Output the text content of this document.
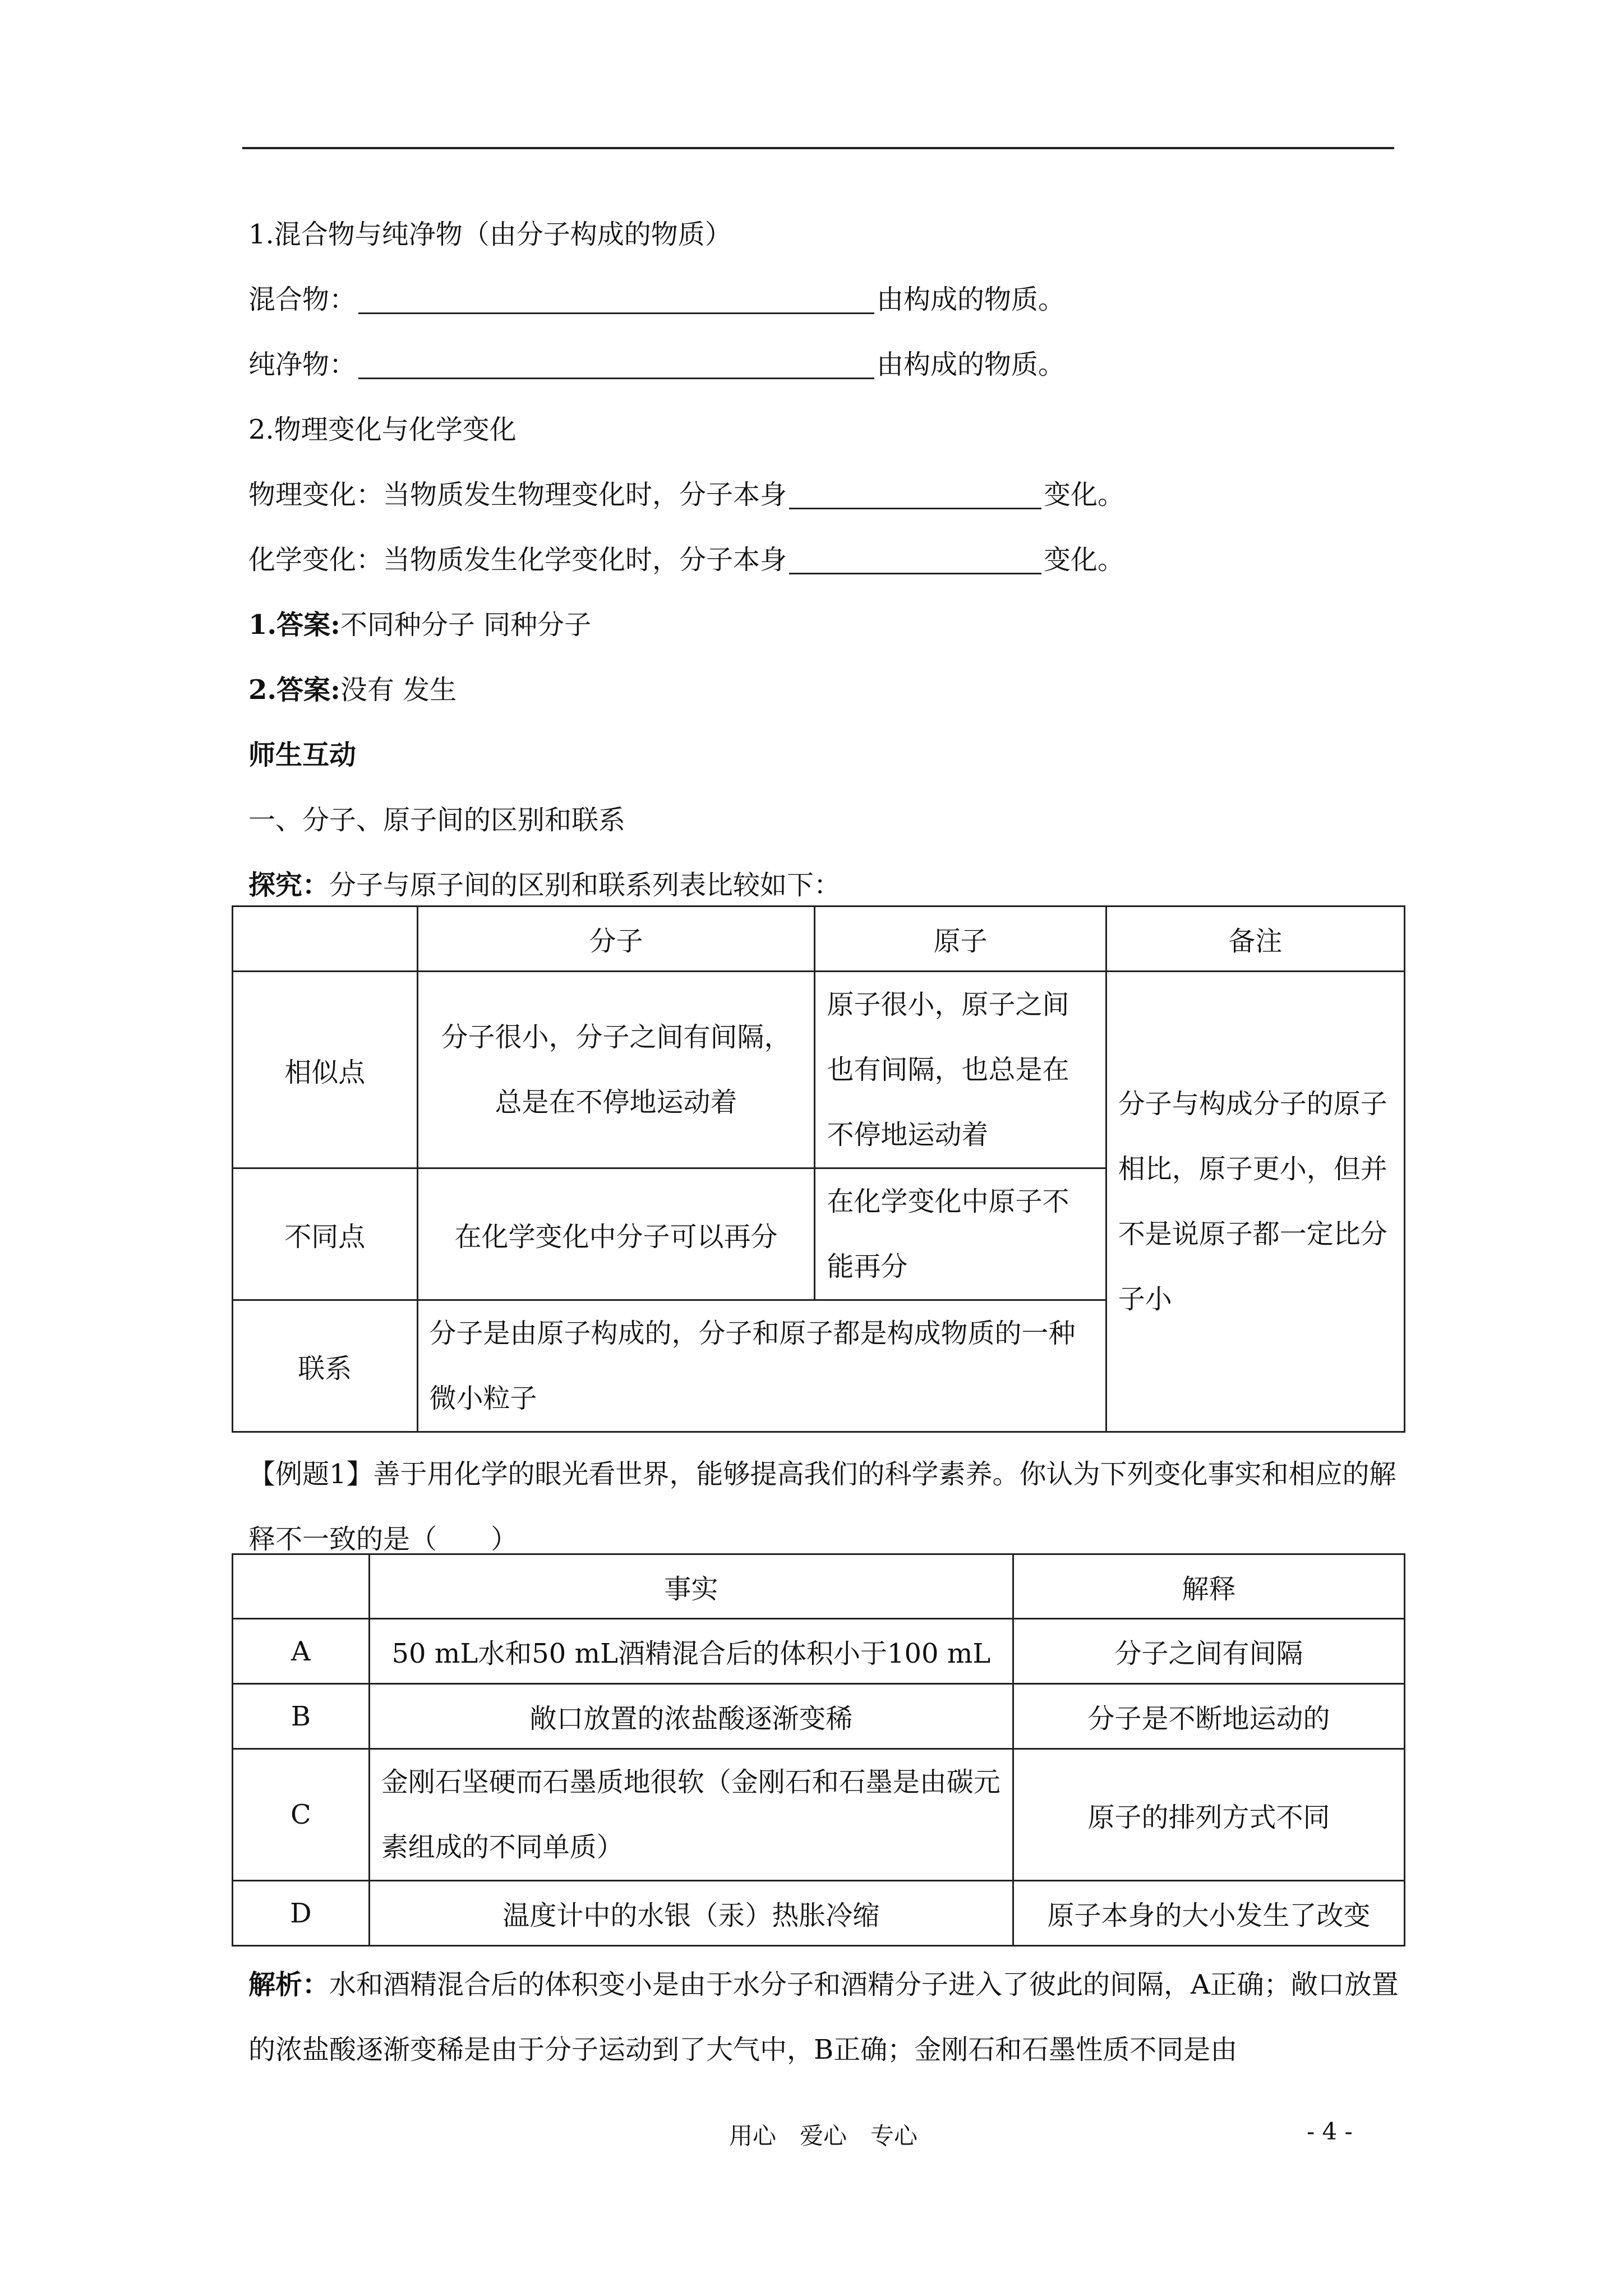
1.混合物与纯净物（由分子构成的物质）
混合物：	由构成的物质。
纯净物：	由构成的物质。
2.物理变化与化学变化
物理变化：当物质发生物理变化时，分子本身	变化。
化学变化：当物质发生化学变化时，分子本身	变化。
1.答案: 不同种分子 同种分子
2.答案: 没有 发生
师生互动
一、分子、原子间的区别和联系
探究： 分子与原子间的区别和联系列表比较如下：
	分子	原子	备注
相似点	分子很小，分子之间有间隔，总是在不停地运动着	原子很小，原子之间也有间隔，也总是在不停地运动着	分子与构成分子的原子相比，原子更小，但并不是说原子都一定比分子小
不同点	在化学变化中分子可以再分	在化学变化中原子不能再分	
联系	分子是由原子构成的，分子和原子都是构成物质的一种微小粒子		
【例题1】善于用化学的眼光看世界，能够提高我们的科学素养。你认为下列变化事实和相应的解释不一致的是（　　）
	事实	解释
A	50 mL水和50 mL酒精混合后的体积小于100 mL	分子之间有间隔
B	敞口放置的浓盐酸逐渐变稀	分子是不断地运动的
C	金刚石坚硬而石墨质地很软（金刚石和石墨是由碳元素组成的不同单质）	原子的排列方式不同
D	温度计中的水银（汞）热胀冷缩	原子本身的大小发生了改变
解析：水和酒精混合后的体积变小是由于水分子和酒精分子进入了彼此的间隔，A正确；敞口放置的浓盐酸逐渐变稀是由于分子运动到了大气中，B正确；金刚石和石墨性质不同是由
用心 爱心 专心	- 4 -
